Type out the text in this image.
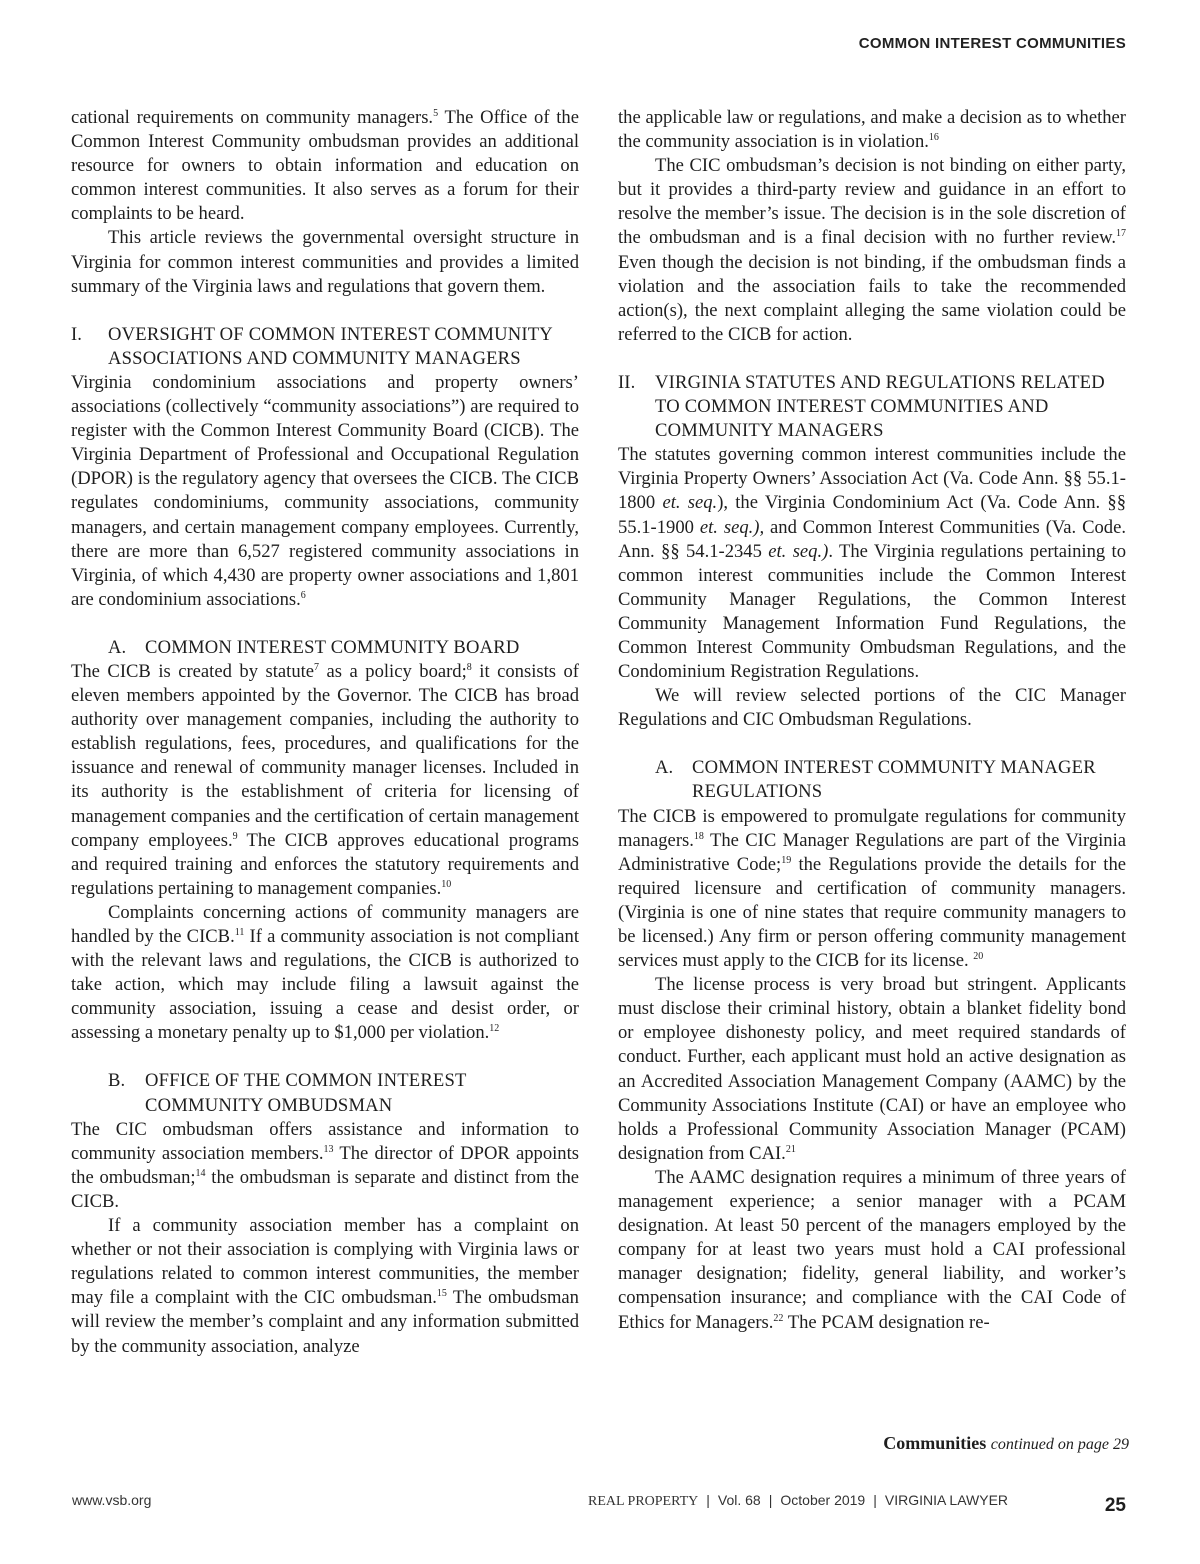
COMMON INTEREST COMMUNITIES

cational requirements on community managers.$^5$ The Office of the Common Interest Community ombudsman provides an additional resource for owners to obtain information and education on common interest communities. It also serves as a forum for their complaints to be heard.

This article reviews the governmental oversight structure in Virginia for common interest communities and provides a limited summary of the Virginia laws and regulations that govern them.

I. OVERSIGHT OF COMMON INTEREST COMMUNITY ASSOCIATIONS AND COMMUNITY MANAGERS

Virginia condominium associations and property owners’ associations (collectively “community associations”) are required to register with the Common Interest Community Board (CICB). The Virginia Department of Professional and Occupational Regulation (DPOR) is the regulatory agency that oversees the CICB. The CICB regulates condominiums, community associations, community managers, and certain management company employees. Currently, there are more than 6,527 registered community associations in Virginia, of which 4,430 are property owner associations and 1,801 are condominium associations.$^6$

A. COMMON INTEREST COMMUNITY BOARD

The CICB is created by statute$^7$ as a policy board;$^8$ it consists of eleven members appointed by the Governor. The CICB has broad authority over management companies, including the authority to establish regulations, fees, procedures, and qualifications for the issuance and renewal of community manager licenses. Included in its authority is the establishment of criteria for licensing of management companies and the certification of certain management company employees.$^9$ The CICB approves educational programs and required training and enforces the statutory requirements and regulations pertaining to management companies.$^{10}$

Complaints concerning actions of community managers are handled by the CICB.$^{11}$ If a community association is not compliant with the relevant laws and regulations, the CICB is authorized to take action, which may include filing a lawsuit against the community association, issuing a cease and desist order, or assessing a monetary penalty up to $1,000 per violation.$^{12}$

B. OFFICE OF THE COMMON INTEREST COMMUNITY OMBUDSMAN

The CIC ombudsman offers assistance and information to community association members.$^{13}$ The director of DPOR appoints the ombudsman;$^{14}$ the ombudsman is separate and distinct from the CICB.

If a community association member has a complaint on whether or not their association is complying with Virginia laws or regulations related to common interest communities, the member may file a complaint with the CIC ombudsman.$^{15}$ The ombudsman will review the member’s complaint and any information submitted by the community association, analyze

the applicable law or regulations, and make a decision as to whether the community association is in violation.$^{16}$

The CIC ombudsman’s decision is not binding on either party, but it provides a third-party review and guidance in an effort to resolve the member’s issue. The decision is in the sole discretion of the ombudsman and is a final decision with no further review.$^{17}$ Even though the decision is not binding, if the ombudsman finds a violation and the association fails to take the recommended action(s), the next complaint alleging the same violation could be referred to the CICB for action.

II. VIRGINIA STATUTES AND REGULATIONS RELATED TO COMMON INTEREST COMMUNITIES AND COMMUNITY MANAGERS

The statutes governing common interest communities include the Virginia Property Owners’ Association Act (Va. Code Ann. §§ 55.1-1800 et. seq.), the Virginia Condominium Act (Va. Code Ann. §§ 55.1-1900 et. seq.), and Common Interest Communities (Va. Code. Ann. §§ 54.1-2345 et. seq.). The Virginia regulations pertaining to common interest communities include the Common Interest Community Manager Regulations, the Common Interest Community Management Information Fund Regulations, the Common Interest Community Ombudsman Regulations, and the Condominium Registration Regulations.

We will review selected portions of the CIC Manager Regulations and CIC Ombudsman Regulations.

A. COMMON INTEREST COMMUNITY MANAGER REGULATIONS

The CICB is empowered to promulgate regulations for community managers.$^{18}$ The CIC Manager Regulations are part of the Virginia Administrative Code;$^{19}$ the Regulations provide the details for the required licensure and certification of community managers. (Virginia is one of nine states that require community managers to be licensed.) Any firm or person offering community management services must apply to the CICB for its license. $^{20}$

The license process is very broad but stringent. Applicants must disclose their criminal history, obtain a blanket fidelity bond or employee dishonesty policy, and meet required standards of conduct. Further, each applicant must hold an active designation as an Accredited Association Management Company (AAMC) by the Community Associations Institute (CAI) or have an employee who holds a Professional Community Association Manager (PCAM) designation from CAI.$^{21}$

The AAMC designation requires a minimum of three years of management experience; a senior manager with a PCAM designation. At least 50 percent of the managers employed by the company for at least two years must hold a CAI professional manager designation; fidelity, general liability, and worker’s compensation insurance; and compliance with the CAI Code of Ethics for Managers.$^{22}$ The PCAM designation re-

Communities continued on page 29
www.vsb.org	REAL PROPERTY | Vol. 68 | October 2019 | VIRGINIA LAWYER	25
